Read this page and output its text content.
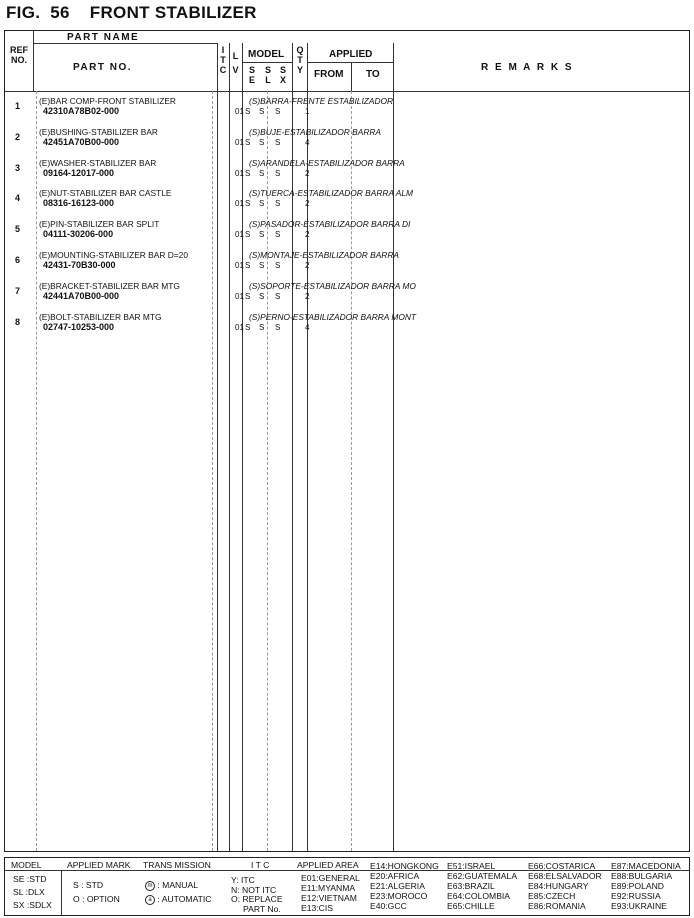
FIG. 56 FRONT STABILIZER
PART NAME
REF
NO.
PART NO.
I
T
C
L
V
MODEL
S
E
S
L
S
X
Q
T
Y
APPLIED
FROM TO
R E M A R K S
1 (E)BAR COMP-FRONT STABILIZER
42310A78B02-000	01 S S S	1
(S)BARRA-FRENTE ESTABILIZADOR
2 (E)BUSHING-STABILIZER BAR
42451A70B00-000	01 S S S	4
(S)BUJE-ESTABILIZADOR BARRA
3 (E)WASHER-STABILIZER BAR
09164-12017-000	01 S S S	2
(S)ARANDELA-ESTABILIZADOR BARRA
4 (E)NUT-STABILIZER BAR CASTLE
08316-16123-000	01 S S S	2
(S)TUERCA-ESTABILIZADOR BARRA ALM
5 (E)PIN-STABILIZER BAR SPLIT
04111-30206-000	01 S S S	2
(S)PASADOR-ESTABILIZADOR BARRA DI
6 (E)MOUNTING-STABILIZER BAR D=20
42431-70B30-000	01 S S S	2
(S)MONTAJE-ESTABILIZADOR BARRA
7 (E)BRACKET-STABILIZER BAR MTG
42441A70B00-000	01 S S S	2
(S)SOPORTE-ESTABILIZADOR BARRA MO
8 (E)BOLT-STABILIZER BAR MTG
02747-10253-000	01 S S S	4
(S)PERNO-ESTABILIZADOR BARRA MONT
MODEL
SE :STD
SL :DLX
SX :SDLX
APPLIED MARK
S : STD
O : OPTION
TRANS MISSION
m : MANUAL
a : AUTOMATIC
I T C
Y: ITC
N: NOT ITC
O: REPLACE
PART No.
APPLIED AREA
E01:GENERAL
E11:MYANMA
E12:VIETNAM
E13:CIS
E14:HONGKONG
E20:AFRICA
E21:ALGERIA
E23:MOROCO
E40:GCC
E51:ISRAEL
E62:GUATEMALA
E63:BRAZIL
E64:COLOMBIA
E65:CHILLE
E66:COSTARICA
E68:ELSALVADOR
E84:HUNGARY
E85:CZECH
E86:ROMANIA
E87:MACEDONIA
E88:BULGARIA
E89:POLAND
E92:RUSSIA
E93:UKRAINE
